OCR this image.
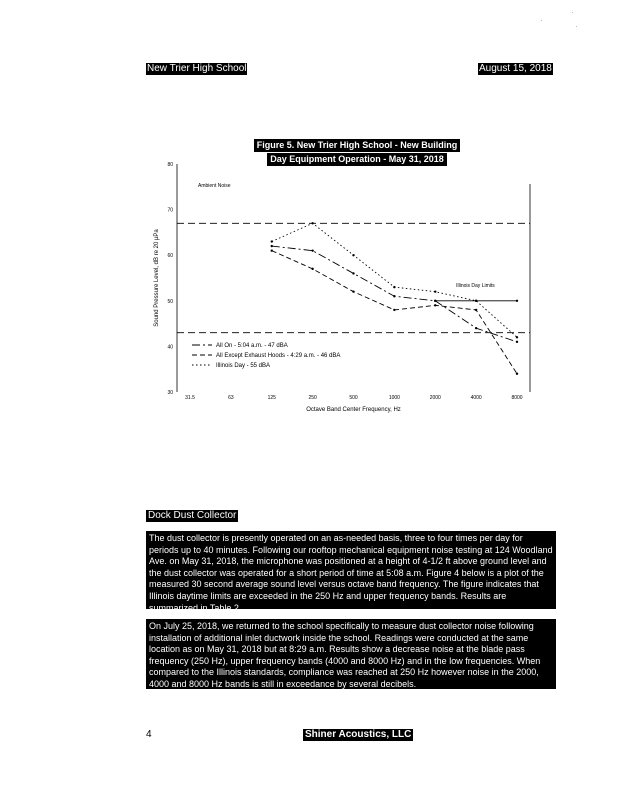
New Trier High School	August 15, 2018
Figure 5. New Trier High School - New Building
Day Equipment Operation - May 31, 2018
80
70
60
50
40
30
31.5	63	125	250	500	1000	2000	4000	8000
Octave Band Center Frequency, Hz
Sound Pressure Level, dB re 20 µPa
All On - 5:04 a.m. - 47 dBA
All Except Exhaust Hoods - 4:29 a.m. - 46 dBA
Illinois Day - 55 dBA
Ambient Noise
Illinois Day Limits
Dock Dust Collector
The dust collector is presently operated on an as-needed basis, three to four times per day for periods up to 40 minutes. Following our rooftop mechanical equipment noise testing at 124 Woodland Ave. on May 31, 2018, the microphone was positioned at a height of 4-1/2 ft above ground level and the dust collector was operated for a short period of time at 5:08 a.m. Figure 4 below is a plot of the measured 30 second average sound level versus octave band frequency. The figure indicates that Illinois daytime limits are exceeded in the 250 Hz and upper frequency bands. Results are summarized in Table 2.
On July 25, 2018, we returned to the school specifically to measure dust collector noise following installation of additional inlet ductwork inside the school. Readings were conducted at the same location as on May 31, 2018 but at 8:29 a.m. Results show a decrease noise at the blade pass frequency (250 Hz), upper frequency bands (4000 and 8000 Hz) and in the low frequencies. When compared to the Illinois standards, compliance was reached at 250 Hz however noise in the 2000, 4000 and 8000 Hz bands is still in exceedance by several decibels.
4	Shiner Acoustics, LLC
